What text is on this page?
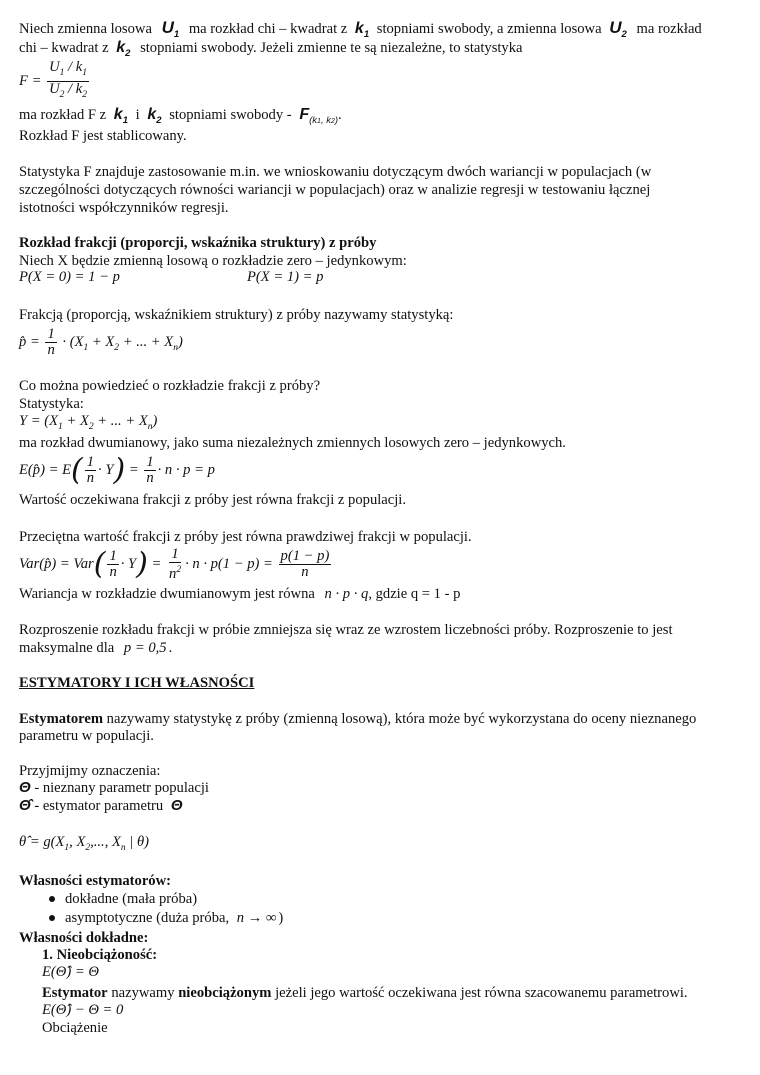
Niech zmienna losowa $U_1$ ma rozkład chi – kwadrat z $k_1$ stopniami swobody, a zmienna losowa $U_2$ ma rozkład
chi – kwadrat z $k_2$ stopniami swobody. Jeżeli zmienne te są niezależne, to statystyka
$F = \frac{U_1 / k_1}{U_2 / k_2}$
ma rozkład F z $k_1$ i $k_2$ stopniami swobody - $F_{(k1, k2)}$.
Rozkład F jest stablicowany.
Statystyka F znajduje zastosowanie m.in. we wnioskowaniu dotyczącym dwóch wariancji w populacjach (w
szczególności dotyczących równości wariancji w populacjach) oraz w analizie regresji w testowaniu łącznej
istotności współczynników regresji.
Rozkład frakcji (proporcji, wskaźnika struktury) z próby
Niech X będzie zmienną losową o rozkładzie zero – jedynkowym:
P(X = 0) = 1 − p	P(X = 1) = p
Frakcją (proporcją, wskaźnikiem struktury) z próby nazywamy statystyką:
p̂ = $\frac{1}{n} \cdot (X_1 + X_2$ + ... + $X_n$)
Co można powiedzieć o rozkładzie frakcji z próby?
Statystyka:
$Y = (X_1 + X_2$ + ... + $X_n$)
ma rozkład dwumianowy, jako suma niezależnych zmiennych losowych zero – jedynkowych.
E(p̂) = $E( \frac{1}{n} \cdot Y) = \frac{1}{n} \cdot n \cdot p = p$
Wartość oczekiwana frakcji z próby jest równa frakcji z populacji.
Przeciętna wartość frakcji z próby jest równa prawdziwej frakcji w populacji.
Var(p̂) = $Var( \frac{1}{n} \cdot Y) = \frac{1}{n^2} \cdot n \cdot p(1 - p) = \frac{p(1 - p)}{n}$
Wariancja w rozkładzie dwumianowym jest równa n · p · q, gdzie q = 1 - p
Rozproszenie rozkładu frakcji w próbie zmniejsza się wraz ze wzrostem liczebności próby. Rozproszenie to jest
maksymalne dla p = 0,5 .
ESTYMATORY I ICH WŁASNOŚCI
Estymatorem nazywamy statystykę z próby (zmienną losową), która może być wykorzystana do oceny nieznanego
parametru w populacji.
Przyjmijmy oznaczenia:
Θ - nieznany parametr populacji
Θ̂ - estymator parametru Θ
θ̂ = $g(X_1$, $X_2$,..., $X_n$ | θ)
Własności estymatorów:
dokładne (mała próba)
asymptotyczne (duża próba, n → ∞ )
Własności dokładne:
1. Nieobciążoność:
E(Θ̂) = Θ
Estymator nazywamy nieobciążonym jeżeli jego wartość oczekiwana jest równa szacowanemu parametrowi.
E(Θ̂) − Θ = 0
Obciążenie
